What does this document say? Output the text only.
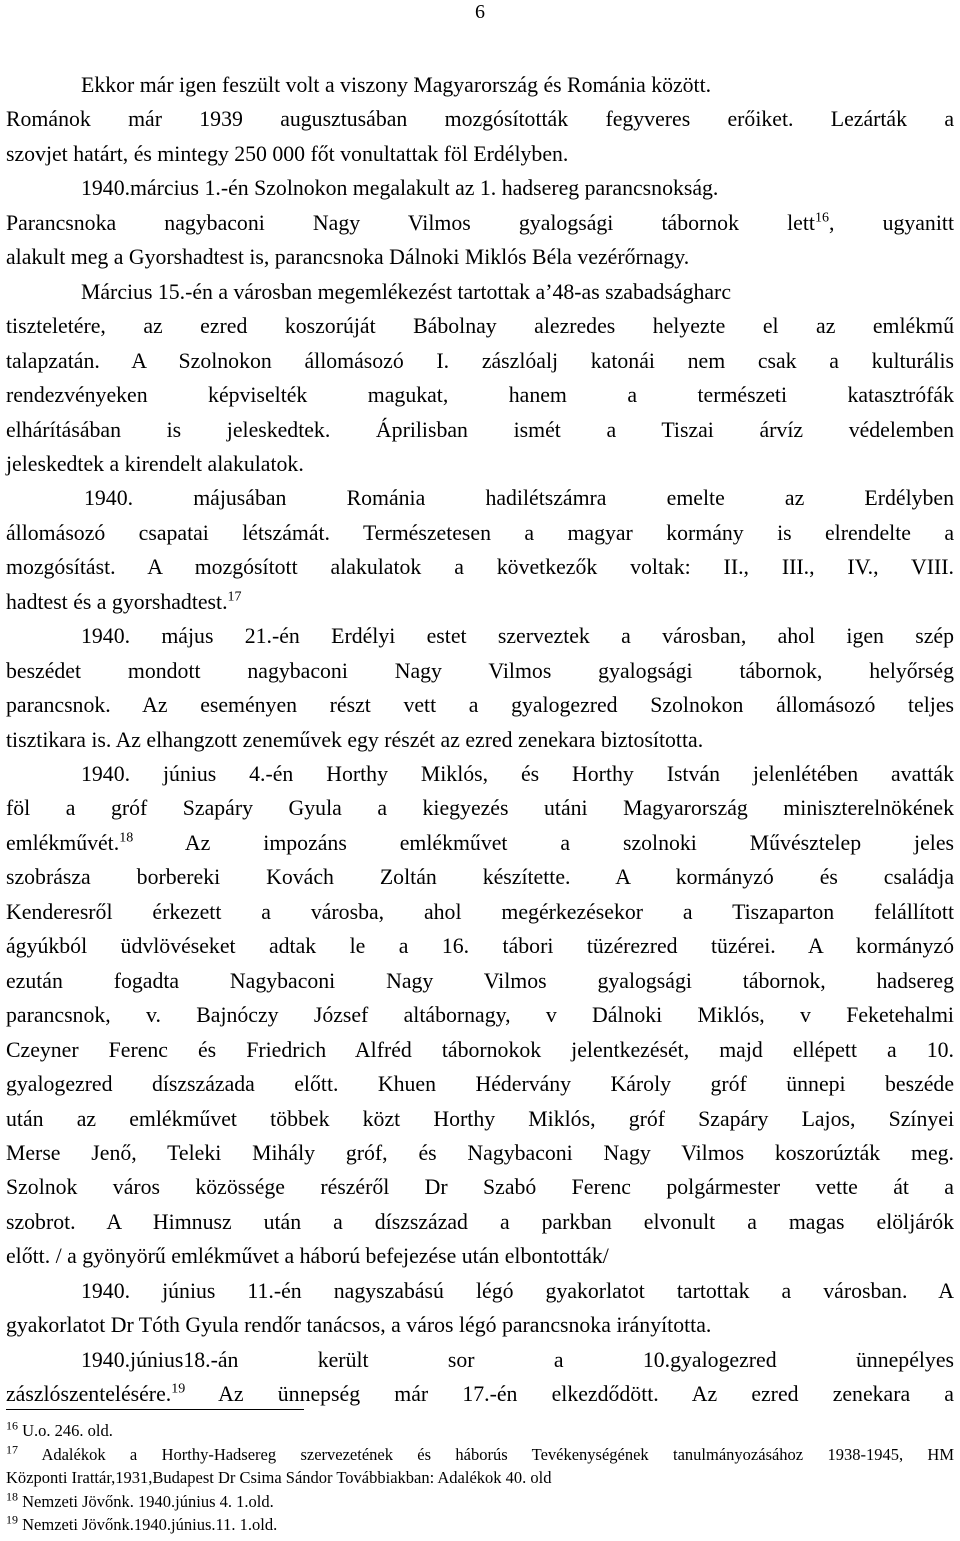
6
Ekkor már igen feszült volt a viszony Magyarország és Románia között.
Románok már 1939 augusztusában mozgósították fegyveres erőiket. Lezárták a
szovjet határt, és mintegy 250 000 főt vonultattak föl Erdélyben.
1940.március 1.-én Szolnokon megalakult az 1. hadsereg parancsnokság.
Parancsnoka nagybaconi Nagy Vilmos gyalogsági tábornok lett$^{16}$, ugyanitt
alakult meg a Gyorshadtest is, parancsnoka Dálnoki Miklós Béla vezérőrnagy.
Március 15.-én a városban megemlékezést tartottak a’48-as szabadságharc
tiszteletére, az ezred koszorúját Bábolnay alezredes helyezte el az emlékmű
talapzatán. A Szolnokon állomásozó I. zászlóalj katonái nem csak a kulturális
rendezvényeken képviselték magukat, hanem a természeti katasztrófák
elhárításában is jeleskedtek. Áprilisban ismét a Tiszai árvíz védelemben
jeleskedtek a kirendelt alakulatok.
1940. májusában Románia hadilétszámra emelte az Erdélyben
állomásozó csapatai létszámát. Természetesen a magyar kormány is elrendelte a
mozgósítást. A mozgósított alakulatok a következők voltak: II., III., IV., VIII.
hadtest és a gyorshadtest.$^{17}$
1940. május 21.-én Erdélyi estet szerveztek a városban, ahol igen szép
beszédet mondott nagybaconi Nagy Vilmos gyalogsági tábornok, helyőrség
parancsnok. Az eseményen részt vett a gyalogezred Szolnokon állomásozó teljes
tisztikara is. Az elhangzott zeneművek egy részét az ezred zenekara biztosította.
1940. június 4.-én Horthy Miklós, és Horthy István jelenlétében avatták
föl a gróf Szapáry Gyula a kiegyezés utáni Magyarország miniszterelnökének
emlékművét.$^{18}$ Az impozáns emlékművet a szolnoki Művésztelep jeles
szobrásza borbereki Kovách Zoltán készítette. A kormányzó és családja
Kenderesről érkezett a városba, ahol megérkezésekor a Tiszaparton felállított
ágyúkból üdvlövéseket adtak le a 16. tábori tüzérezred tüzérei. A kormányzó
ezután fogadta Nagybaconi Nagy Vilmos gyalogsági tábornok, hadsereg
parancsnok, v. Bajnóczy József altábornagy, v Dálnoki Miklós, v Feketehalmi
Czeyner Ferenc és Friedrich Alfréd tábornokok jelentkezését, majd ellépett a 10.
gyalogezred díszszázada előtt. Khuen Hédervány Károly gróf ünnepi beszéde
után az emlékművet többek közt Horthy Miklós, gróf Szapáry Lajos, Színyei
Merse Jenő, Teleki Mihály gróf, és Nagybaconi Nagy Vilmos koszorúzták meg.
Szolnok város közössége részéről Dr Szabó Ferenc polgármester vette át a
szobrot. A Himnusz után a díszszázad a parkban elvonult a magas elöljárók
előtt. / a gyönyörű emlékművet a háború befejezése után elbontották/
1940. június 11.-én nagyszabású légó gyakorlatot tartottak a városban. A
gyakorlatot Dr Tóth Gyula rendőr tanácsos, a város légó parancsnoka irányította.
1940.június18.-án került sor a 10.gyalogezred ünnepélyes
zászlószentelésére.$^{19}$ Az ünnepség már 17.-én elkezdődött. Az ezred zenekara a
$^{16}$ U.o. 246. old.
$^{17}$ Adalékok a Horthy-Hadsereg szervezetének és háborús Tevékenységének tanulmányozásához 1938-1945, HM
Központi Irattár,1931,Budapest Dr Csima Sándor Továbbiakban: Adalékok 40. old
$^{18}$ Nemzeti Jövőnk. 1940.június 4. 1.old.
$^{19}$ Nemzeti Jövőnk.1940.június.11. 1.old.
